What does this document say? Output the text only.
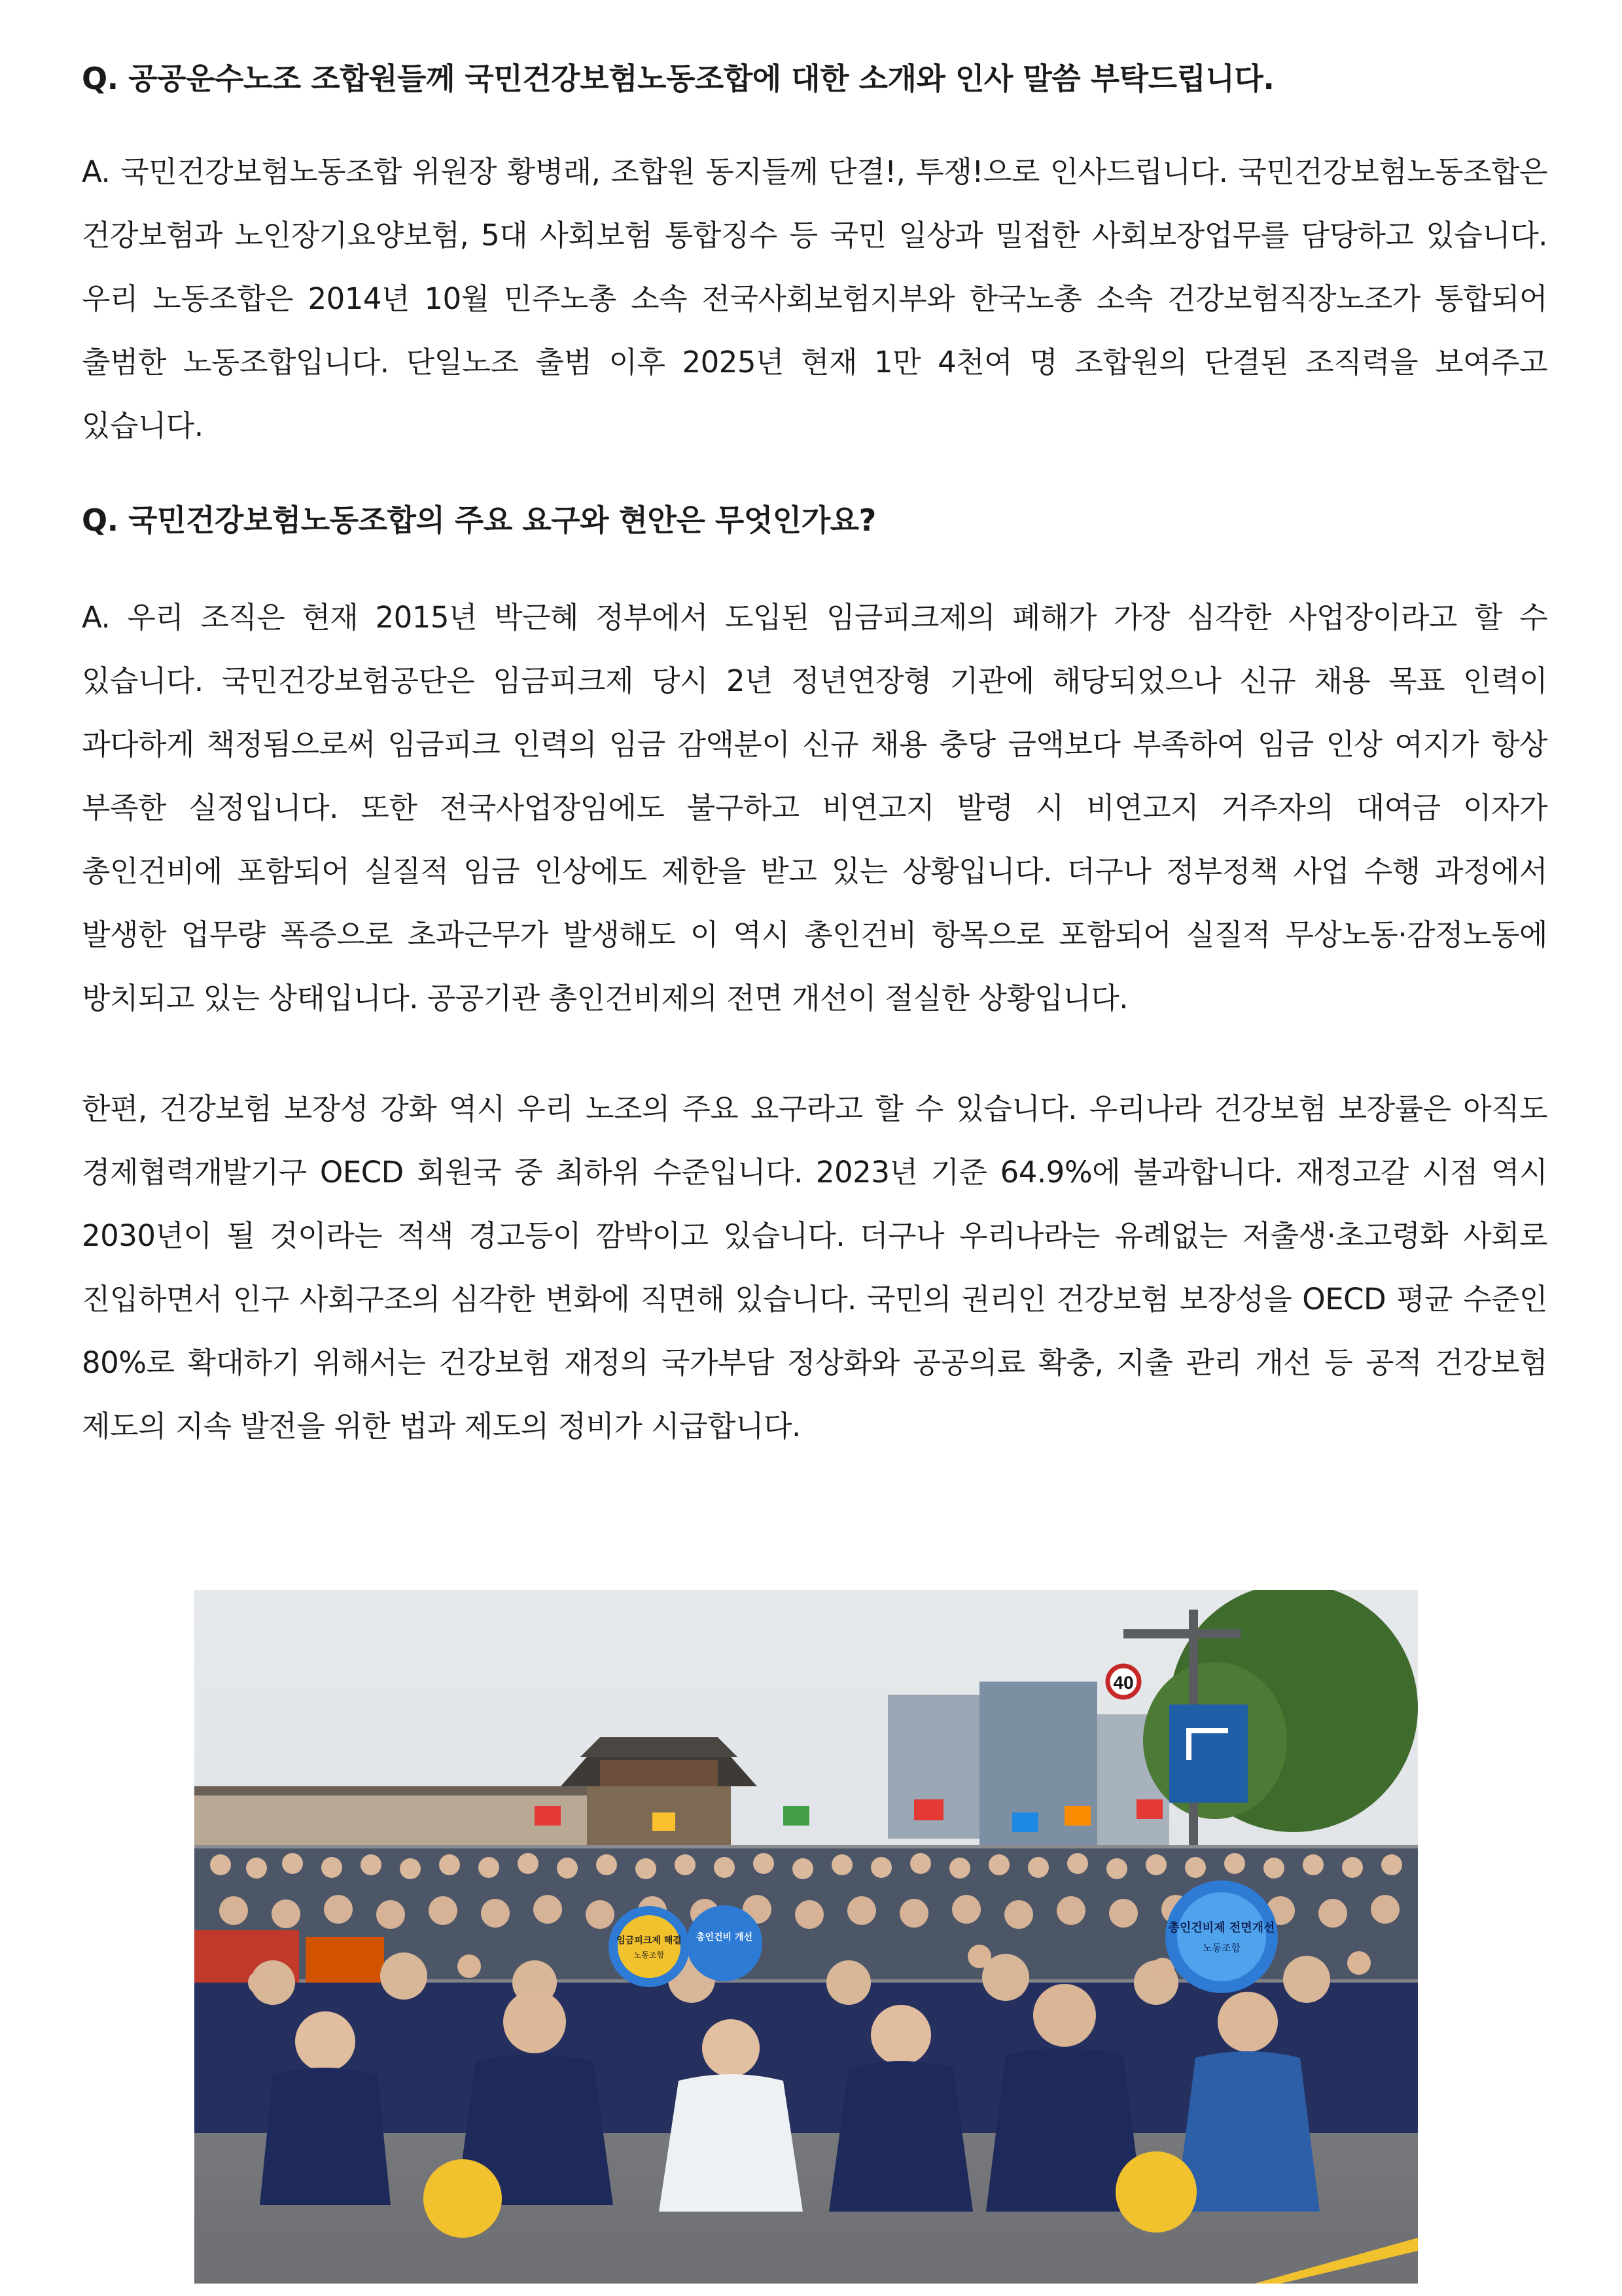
Q. 공공운수노조 조합원들께 국민건강보험노동조합에 대한 소개와 인사 말씀 부탁드립니다.

A. 국민건강보험노동조합 위원장 황병래, 조합원 동지들께 단결!, 투쟁!으로 인사드립니다. 국민건강보험노동조합은 건강보험과 노인장기요양보험, 5대 사회보험 통합징수 등 국민 일상과 밀접한 사회보장업무를 담당하고 있습니다. 우리 노동조합은 2014년 10월 민주노총 소속 전국사회보험지부와 한국노총 소속 건강보험직장노조가 통합되어 출범한 노동조합입니다. 단일노조 출범 이후 2025년 현재 1만 4천여 명 조합원의 단결된 조직력을 보여주고 있습니다.

Q. 국민건강보험노동조합의 주요 요구와 현안은 무엇인가요?

A. 우리 조직은 현재 2015년 박근혜 정부에서 도입된 임금피크제의 폐해가 가장 심각한 사업장이라고 할 수 있습니다. 국민건강보험공단은 임금피크제 당시 2년 정년연장형 기관에 해당되었으나 신규 채용 목표 인력이 과다하게 책정됨으로써 임금피크 인력의 임금 감액분이 신규 채용 충당 금액보다 부족하여 임금 인상 여지가 항상 부족한 실정입니다. 또한 전국사업장임에도 불구하고 비연고지 발령 시 비연고지 거주자의 대여금 이자가 총인건비에 포함되어 실질적 임금 인상에도 제한을 받고 있는 상황입니다. 더구나 정부정책 사업 수행 과정에서 발생한 업무량 폭증으로 초과근무가 발생해도 이 역시 총인건비 항목으로 포함되어 실질적 무상노동·감정노동에 방치되고 있는 상태입니다. 공공기관 총인건비제의 전면 개선이 절실한 상황입니다.

한편, 건강보험 보장성 강화 역시 우리 노조의 주요 요구라고 할 수 있습니다. 우리나라 건강보험 보장률은 아직도 경제협력개발기구 OECD 회원국 중 최하위 수준입니다. 2023년 기준 64.9%에 불과합니다. 재정고갈 시점 역시 2030년이 될 것이라는 적색 경고등이 깜박이고 있습니다. 더구나 우리나라는 유례없는 저출생·초고령화 사회로 진입하면서 인구 사회구조의 심각한 변화에 직면해 있습니다. 국민의 권리인 건강보험 보장성을 OECD 평균 수준인 80%로 확대하기 위해서는 건강보험 재정의 국가부담 정상화와 공공의료 확충, 지출 관리 개선 등 공적 건강보험 제도의 지속 발전을 위한 법과 제도의 정비가 시급합니다.

40
임금피크제 해결
노동조합
총인건비 개선
총인건비제 전면개선
노동조합
